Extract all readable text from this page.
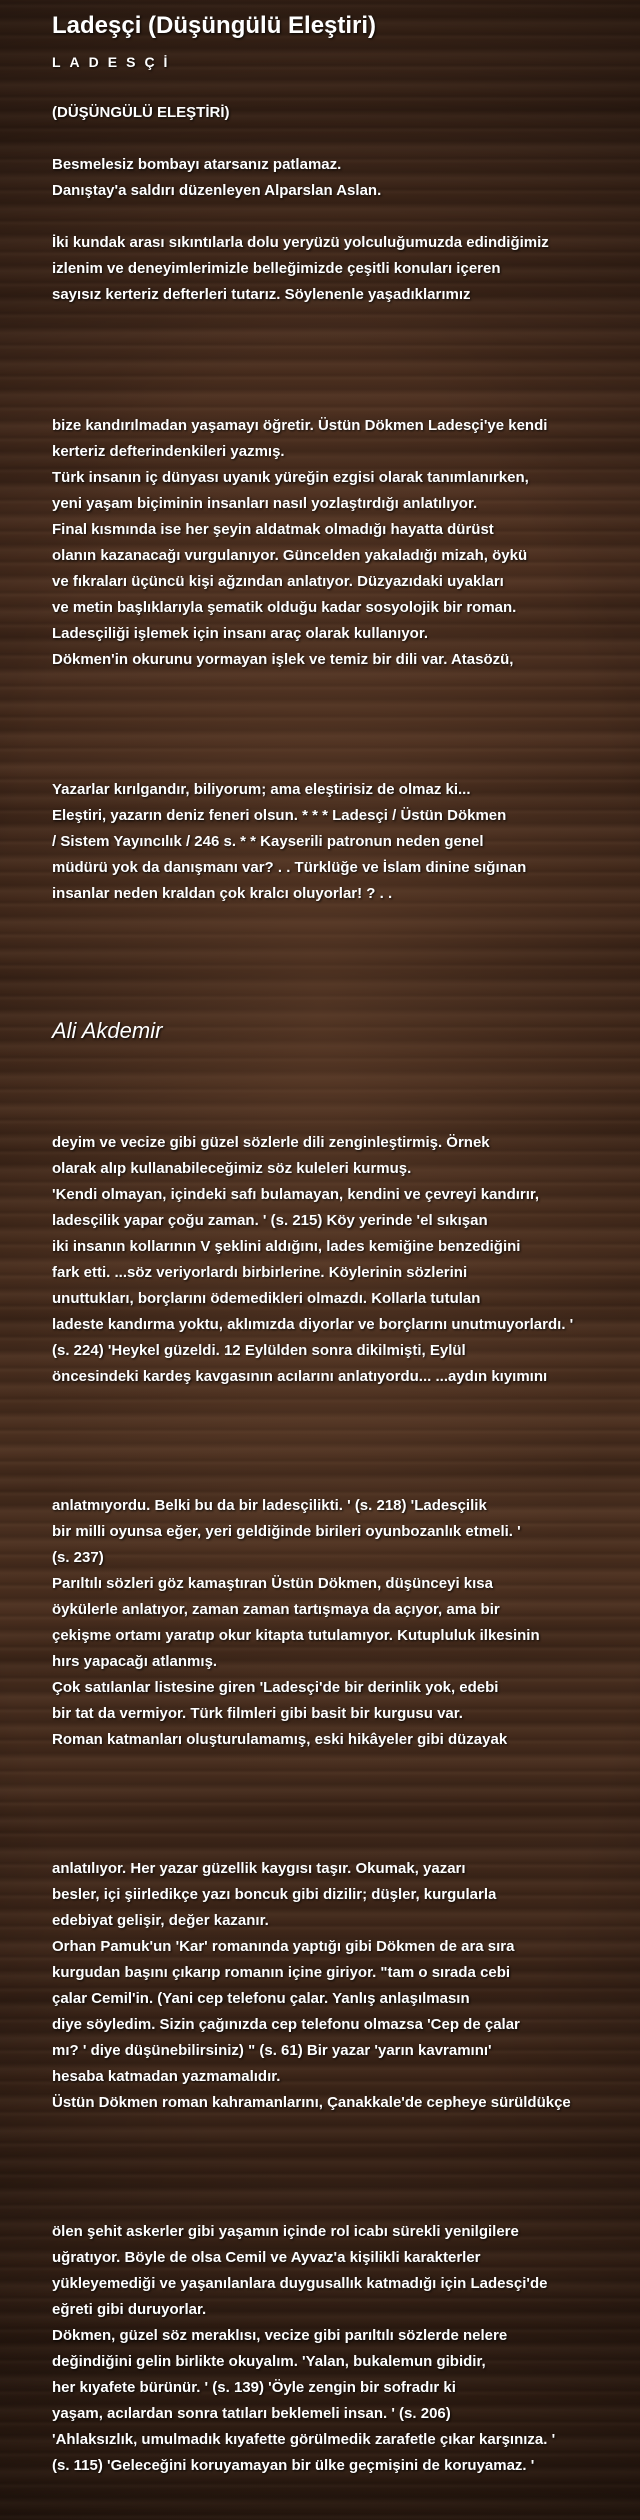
Ladeşçi (Düşüngülü Eleştiri)
LADESÇİ
(DÜŞÜNGÜLÜ ELEŞTİRİ)
Besmelesiz bombayı atarsanız patlamaz.
Danıştay'a saldırı düzenleyen Alparslan Aslan.
İki kundak arası sıkıntılarla dolu yeryüzü yolculuğumuzda edindiğimiz
izlenim ve deneyimlerimizle belleğimizde çeşitli konuları içeren
sayısız kerteriz defterleri tutarız. Söylenenle yaşadıklarımız
bize kandırılmadan yaşamayı öğretir. Üstün Dökmen Ladesçi'ye kendi
kerteriz defterindenkileri yazmış.
Türk insanın iç dünyası uyanık yüreğin ezgisi olarak tanımlanırken,
yeni yaşam biçiminin insanları nasıl yozlaştırdığı anlatılıyor.
Final kısmında ise her şeyin aldatmak olmadığı hayatta dürüst
olanın kazanacağı vurgulanıyor. Güncelden yakaladığı mizah, öykü
ve fıkraları üçüncü kişi ağzından anlatıyor. Düzyazıdaki uyakları
ve metin başlıklarıyla şematik olduğu kadar sosyolojik bir roman.
Ladesçiliği işlemek için insanı araç olarak kullanıyor.
Dökmen'in okurunu yormayan işlek ve temiz bir dili var. Atasözü,
Yazarlar kırılgandır, biliyorum; ama eleştirisiz de olmaz ki...
Eleştiri, yazarın deniz feneri olsun. * * * Ladesçi / Üstün Dökmen
/ Sistem Yayıncılık / 246 s. * * Kayserili patronun neden genel
müdürü yok da danışmanı var? . . Türklüğe ve İslam dinine sığınan
insanlar neden kraldan çok kralcı oluyorlar! ? . .
Ali Akdemir
deyim ve vecize gibi güzel sözlerle dili zenginleştirmiş. Örnek
olarak alıp kullanabileceğimiz söz kuleleri kurmuş.
'Kendi olmayan, içindeki safı bulamayan, kendini ve çevreyi kandırır,
ladesçilik yapar çoğu zaman. ' (s. 215) Köy yerinde 'el sıkışan
iki insanın kollarının V şeklini aldığını, lades kemiğine benzediğini
fark etti. ...söz veriyorlardı birbirlerine. Köylerinin sözlerini
unuttukları, borçlarını ödemedikleri olmazdı. Kollarla tutulan
ladeste kandırma yoktu, aklımızda diyorlar ve borçlarını unutmuyorlardı. '
(s. 224) 'Heykel güzeldi. 12 Eylülden sonra dikilmişti, Eylül
öncesindeki kardeş kavgasının acılarını anlatıyordu... ...aydın kıyımını
anlatmıyordu. Belki bu da bir ladesçilikti. ' (s. 218) 'Ladesçilik
bir milli oyunsa eğer, yeri geldiğinde birileri oyunbozanlık etmeli. '
(s. 237)
Parıltılı sözleri göz kamaştıran Üstün Dökmen, düşünceyi kısa
öykülerle anlatıyor, zaman zaman tartışmaya da açıyor, ama bir
çekişme ortamı yaratıp okur kitapta tutulamıyor. Kutupluluk ilkesinin
hırs yapacağı atlanmış.
Çok satılanlar listesine giren 'Ladesçi'de bir derinlik yok, edebi
bir tat da vermiyor. Türk filmleri gibi basit bir kurgusu var.
Roman katmanları oluşturulamamış, eski hikâyeler gibi düzayak
anlatılıyor. Her yazar güzellik kaygısı taşır. Okumak, yazarı
besler, içi şiirledikçe yazı boncuk gibi dizilir; düşler, kurgularla
edebiyat gelişir, değer kazanır.
Orhan Pamuk'un 'Kar' romanında yaptığı gibi Dökmen de ara sıra
kurgudan başını çıkarıp romanın içine giriyor. "tam o sırada cebi
çalar Cemil'in. (Yani cep telefonu çalar. Yanlış anlaşılmasın
diye söyledim. Sizin çağınızda cep telefonu olmazsa 'Cep de çalar
mı? ' diye düşünebilirsiniz) " (s. 61) Bir yazar 'yarın kavramını'
hesaba katmadan yazmamalıdır.
Üstün Dökmen roman kahramanlarını, Çanakkale'de cepheye sürüldükçe
ölen şehit askerler gibi yaşamın içinde rol icabı sürekli yenilgilere
uğratıyor. Böyle de olsa Cemil ve Ayvaz'a kişilikli karakterler
yükleyemediği ve yaşanılanlara duygusallık katmadığı için Ladesçi'de
eğreti gibi duruyorlar.
Dökmen, güzel söz meraklısı, vecize gibi parıltılı sözlerde nelere
değindiğini gelin birlikte okuyalım. 'Yalan, bukalemun gibidir,
her kıyafete bürünür. ' (s. 139) 'Öyle zengin bir sofradır ki
yaşam, acılardan sonra tatıları beklemeli insan. ' (s. 206)
'Ahlaksızlık, umulmadık kıyafette görülmedik zarafetle çıkar karşınıza. '
(s. 115) 'Geleceğini koruyamayan bir ülke geçmişini de koruyamaz. '
